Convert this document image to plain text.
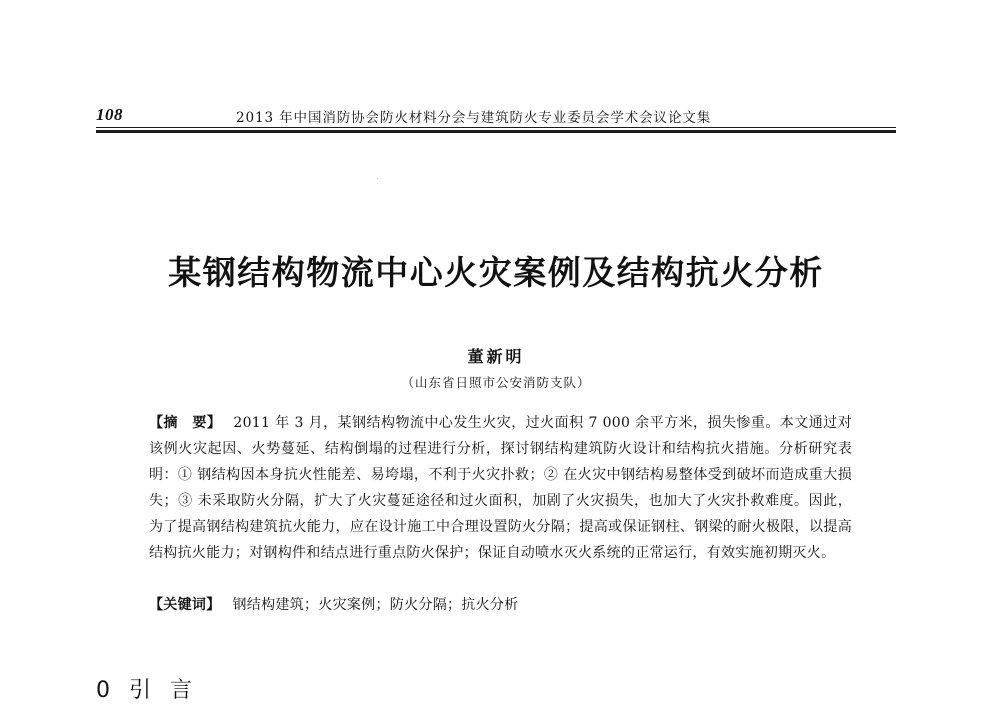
108	2013 年中国消防协会防火材料分会与建筑防火专业委员会学术会议论文集
某钢结构物流中心火灾案例及结构抗火分析
董新明
（山东省日照市公安消防支队）
【摘　要】 2011 年 3 月，某钢结构物流中心发生火灾，过火面积 7 000 余平方米，损失惨重。本文通过对该例火灾起因、火势蔓延、结构倒塌的过程进行分析，探讨钢结构建筑防火设计和结构抗火措施。分析研究表明：① 钢结构因本身抗火性能差、易垮塌，不利于火灾扑救；② 在火灾中钢结构易整体受到破坏而造成重大损失；③ 未采取防火分隔，扩大了火灾蔓延途径和过火面积，加剧了火灾损失，也加大了火灾扑救难度。因此，为了提高钢结构建筑抗火能力，应在设计施工中合理设置防火分隔；提高或保证钢柱、钢梁的耐火极限，以提高结构抗火能力；对钢构件和结点进行重点防火保护；保证自动喷水灭火系统的正常运行，有效实施初期灭火。
【关键词】 钢结构建筑；火灾案例；防火分隔；抗火分析
0 引 言
